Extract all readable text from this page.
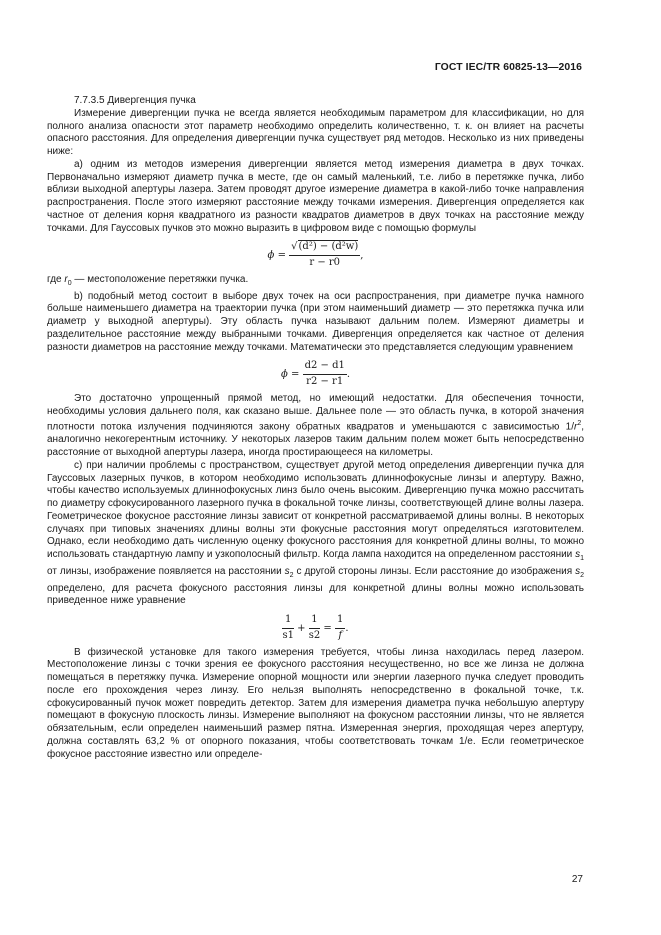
ГОСТ IEC/TR 60825-13—2016

7.7.3.5 Дивергенция пучка

Измерение дивергенции пучка не всегда является необходимым параметром для классификации, но для полного анализа опасности этот параметр необходимо определить количественно, т. к. он влияет на расчеты опасного расстояния. Для определения дивергенции пучка существует ряд методов. Несколько из них приведены ниже:

а) одним из методов измерения дивергенции является метод измерения диаметра в двух точках. Первоначально измеряют диаметр пучка в месте, где он самый маленький, т.е. либо в перетяжке пучка, либо вблизи выходной апертуры лазера. Затем проводят другое измерение диаметра в какой-либо точке направления распространения. После этого измеряют расстояние между точками измерения. Дивергенция определяется как частное от деления корня квадратного из разности квадратов диаметров в двух точках на расстояние между точками. Для Гауссовых пучков это можно выразить в цифровом виде с помощью формулы

$\phi = \frac{\text{√(d²) − (d²w)}}{r - r0}$ ,

где $r_0$ — местоположение перетяжки пучка.

b) подобный метод состоит в выборе двух точек на оси распространения, при диаметре пучка намного больше наименьшего диаметра на траектории пучка (при этом наименьший диаметр — это перетяжка пучка или диаметр у выходной апертуры). Эту область пучка называют дальним полем. Измеряют диаметры и разделительное расстояние между выбранными точками. Дивергенция определяется как частное от деления разности диаметров на расстояние между точками. Математически это представляется следующим уравнением

$\phi = \frac{d2 - d1}{r2 - r1}$ .

Это достаточно упрощенный прямой метод, но имеющий недостатки. Для обеспечения точности, необходимы условия дальнего поля, как сказано выше. Дальнее поле — это область пучка, в которой значения плотности потока излучения подчиняются закону обратных квадратов и уменьшаются с зависимостью $1/r^2$, аналогично некогерентным источнику. У некоторых лазеров таким дальним полем может быть непосредственно расстояние от выходной апертуры лазера, иногда простирающееся на километры.

с) при наличии проблемы с пространством, существует другой метод определения дивергенции пучка для Гауссовых лазерных пучков, в котором необходимо использовать длиннофокусные линзы и апертуру. Важно, чтобы качество используемых длиннофокусных линз было очень высоким. Дивергенцию пучка можно рассчитать по диаметру сфокусированного лазерного пучка в фокальной точке линзы, соответствующей длине волны лазера. Геометрическое фокусное расстояние линзы зависит от конкретной рассматриваемой длины волны. В некоторых случаях при типовых значениях длины волны эти фокусные расстояния могут определяться изготовителем. Однако, если необходимо дать численную оценку фокусного расстояния для конкретной длины волны, то можно использовать стандартную лампу и узкополосный фильтр. Когда лампа находится на определенном расстоянии $s_1$ от линзы, изображение появляется на расстоянии $s_2$ с другой стороны линзы. Если расстояние до изображения $s_2$ определено, для расчета фокусного расстояния линзы для конкретной длины волны можно использовать приведенное ниже уравнение

$\frac{1}{s1} + \frac{1}{s2} = \frac{1}{f}$ .

В физической установке для такого измерения требуется, чтобы линза находилась перед лазером. Местоположение линзы с точки зрения ее фокусного расстояния несущественно, но все же линза не должна помещаться в перетяжку пучка. Измерение опорной мощности или энергии лазерного пучка следует проводить после его прохождения через линзу. Его нельзя выполнять непосредственно в фокальной точке, т.к. сфокусированный пучок может повредить детектор. Затем для измерения диаметра пучка небольшую апертуру помещают в фокусную плоскость линзы. Измерение выполняют на фокусном расстоянии линзы, что не является обязательным, если определен наименьший размер пятна. Измеренная энергия, проходящая через апертуру, должна составлять 63,2 % от опорного показания, чтобы соответствовать точкам 1/e. Если геометрическое фокусное расстояние известно или определе-

27
